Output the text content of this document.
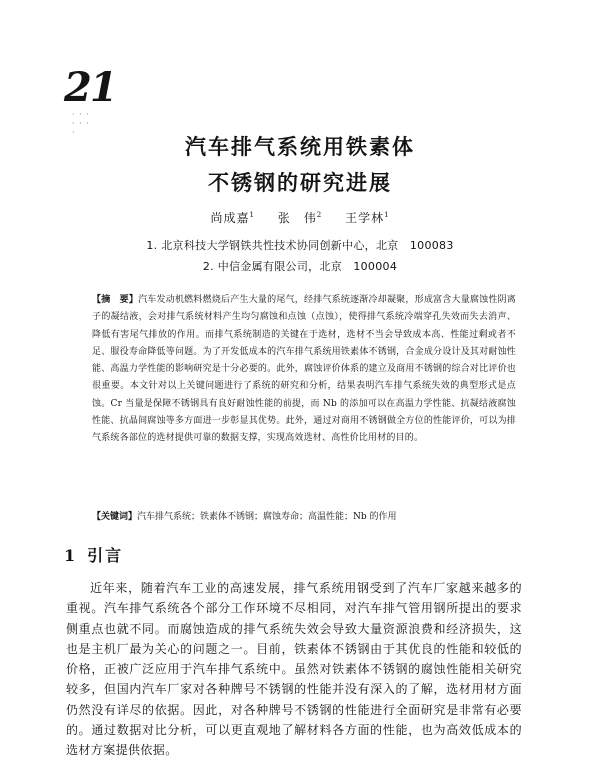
21
· · · · · · ·
汽车排气系统用铁素体
不锈钢的研究进展
尚成嘉$^1$ 张　伟$^2$ 王学林$^1$
1. 北京科技大学钢铁共性技术协同创新中心，北京　100083
2. 中信金属有限公司，北京　100004
【摘　要】汽车发动机燃料燃烧后产生大量的尾气，经排气系统逐渐冷却凝聚，形成富含大量腐蚀性阴离子的凝结液，会对排气系统材料产生均匀腐蚀和点蚀（点蚀），使得排气系统冷端穿孔失效而失去消声、降低有害尾气排放的作用。而排气系统制造的关键在于选材，选材不当会导致成本高、性能过剩或者不足、服役寿命降低等问题。为了开发低成本的汽车排气系统用铁素体不锈钢，合金成分设计及其对耐蚀性能、高温力学性能的影响研究是十分必要的。此外，腐蚀评价体系的建立及商用不锈钢的综合对比评价也很重要。本文针对以上关键问题进行了系统的研究和分析，结果表明汽车排气系统失效的典型形式是点蚀。Cr 当量是保障不锈钢具有良好耐蚀性能的前提，而 Nb 的添加可以在高温力学性能、抗凝结液腐蚀性能、抗晶间腐蚀等多方面进一步彰显其优势。此外，通过对商用不锈钢做全方位的性能评价，可以为排气系统各部位的选材提供可靠的数据支撑，实现高效选材、高性价比用材的目的。
【关键词】汽车排气系统；铁素体不锈钢；腐蚀寿命；高温性能；Nb 的作用
1 引言
近年来，随着汽车工业的高速发展，排气系统用钢受到了汽车厂家越来越多的重视。汽车排气系统各个部分工作环境不尽相同，对汽车排气管用钢所提出的要求侧重点也就不同。而腐蚀造成的排气系统失效会导致大量资源浪费和经济损失，这也是主机厂最为关心的问题之一。目前，铁素体不锈钢由于其优良的性能和较低的价格，正被广泛应用于汽车排气系统中。虽然对铁素体不锈钢的腐蚀性能相关研究较多，但国内汽车厂家对各种牌号不锈钢的性能并没有深入的了解，选材用材方面仍然没有详尽的依据。因此，对各种牌号不锈钢的性能进行全面研究是非常有必要的。通过数据对比分析，可以更直观地了解材料各方面的性能，也为高效低成本的选材方案提供依据。
